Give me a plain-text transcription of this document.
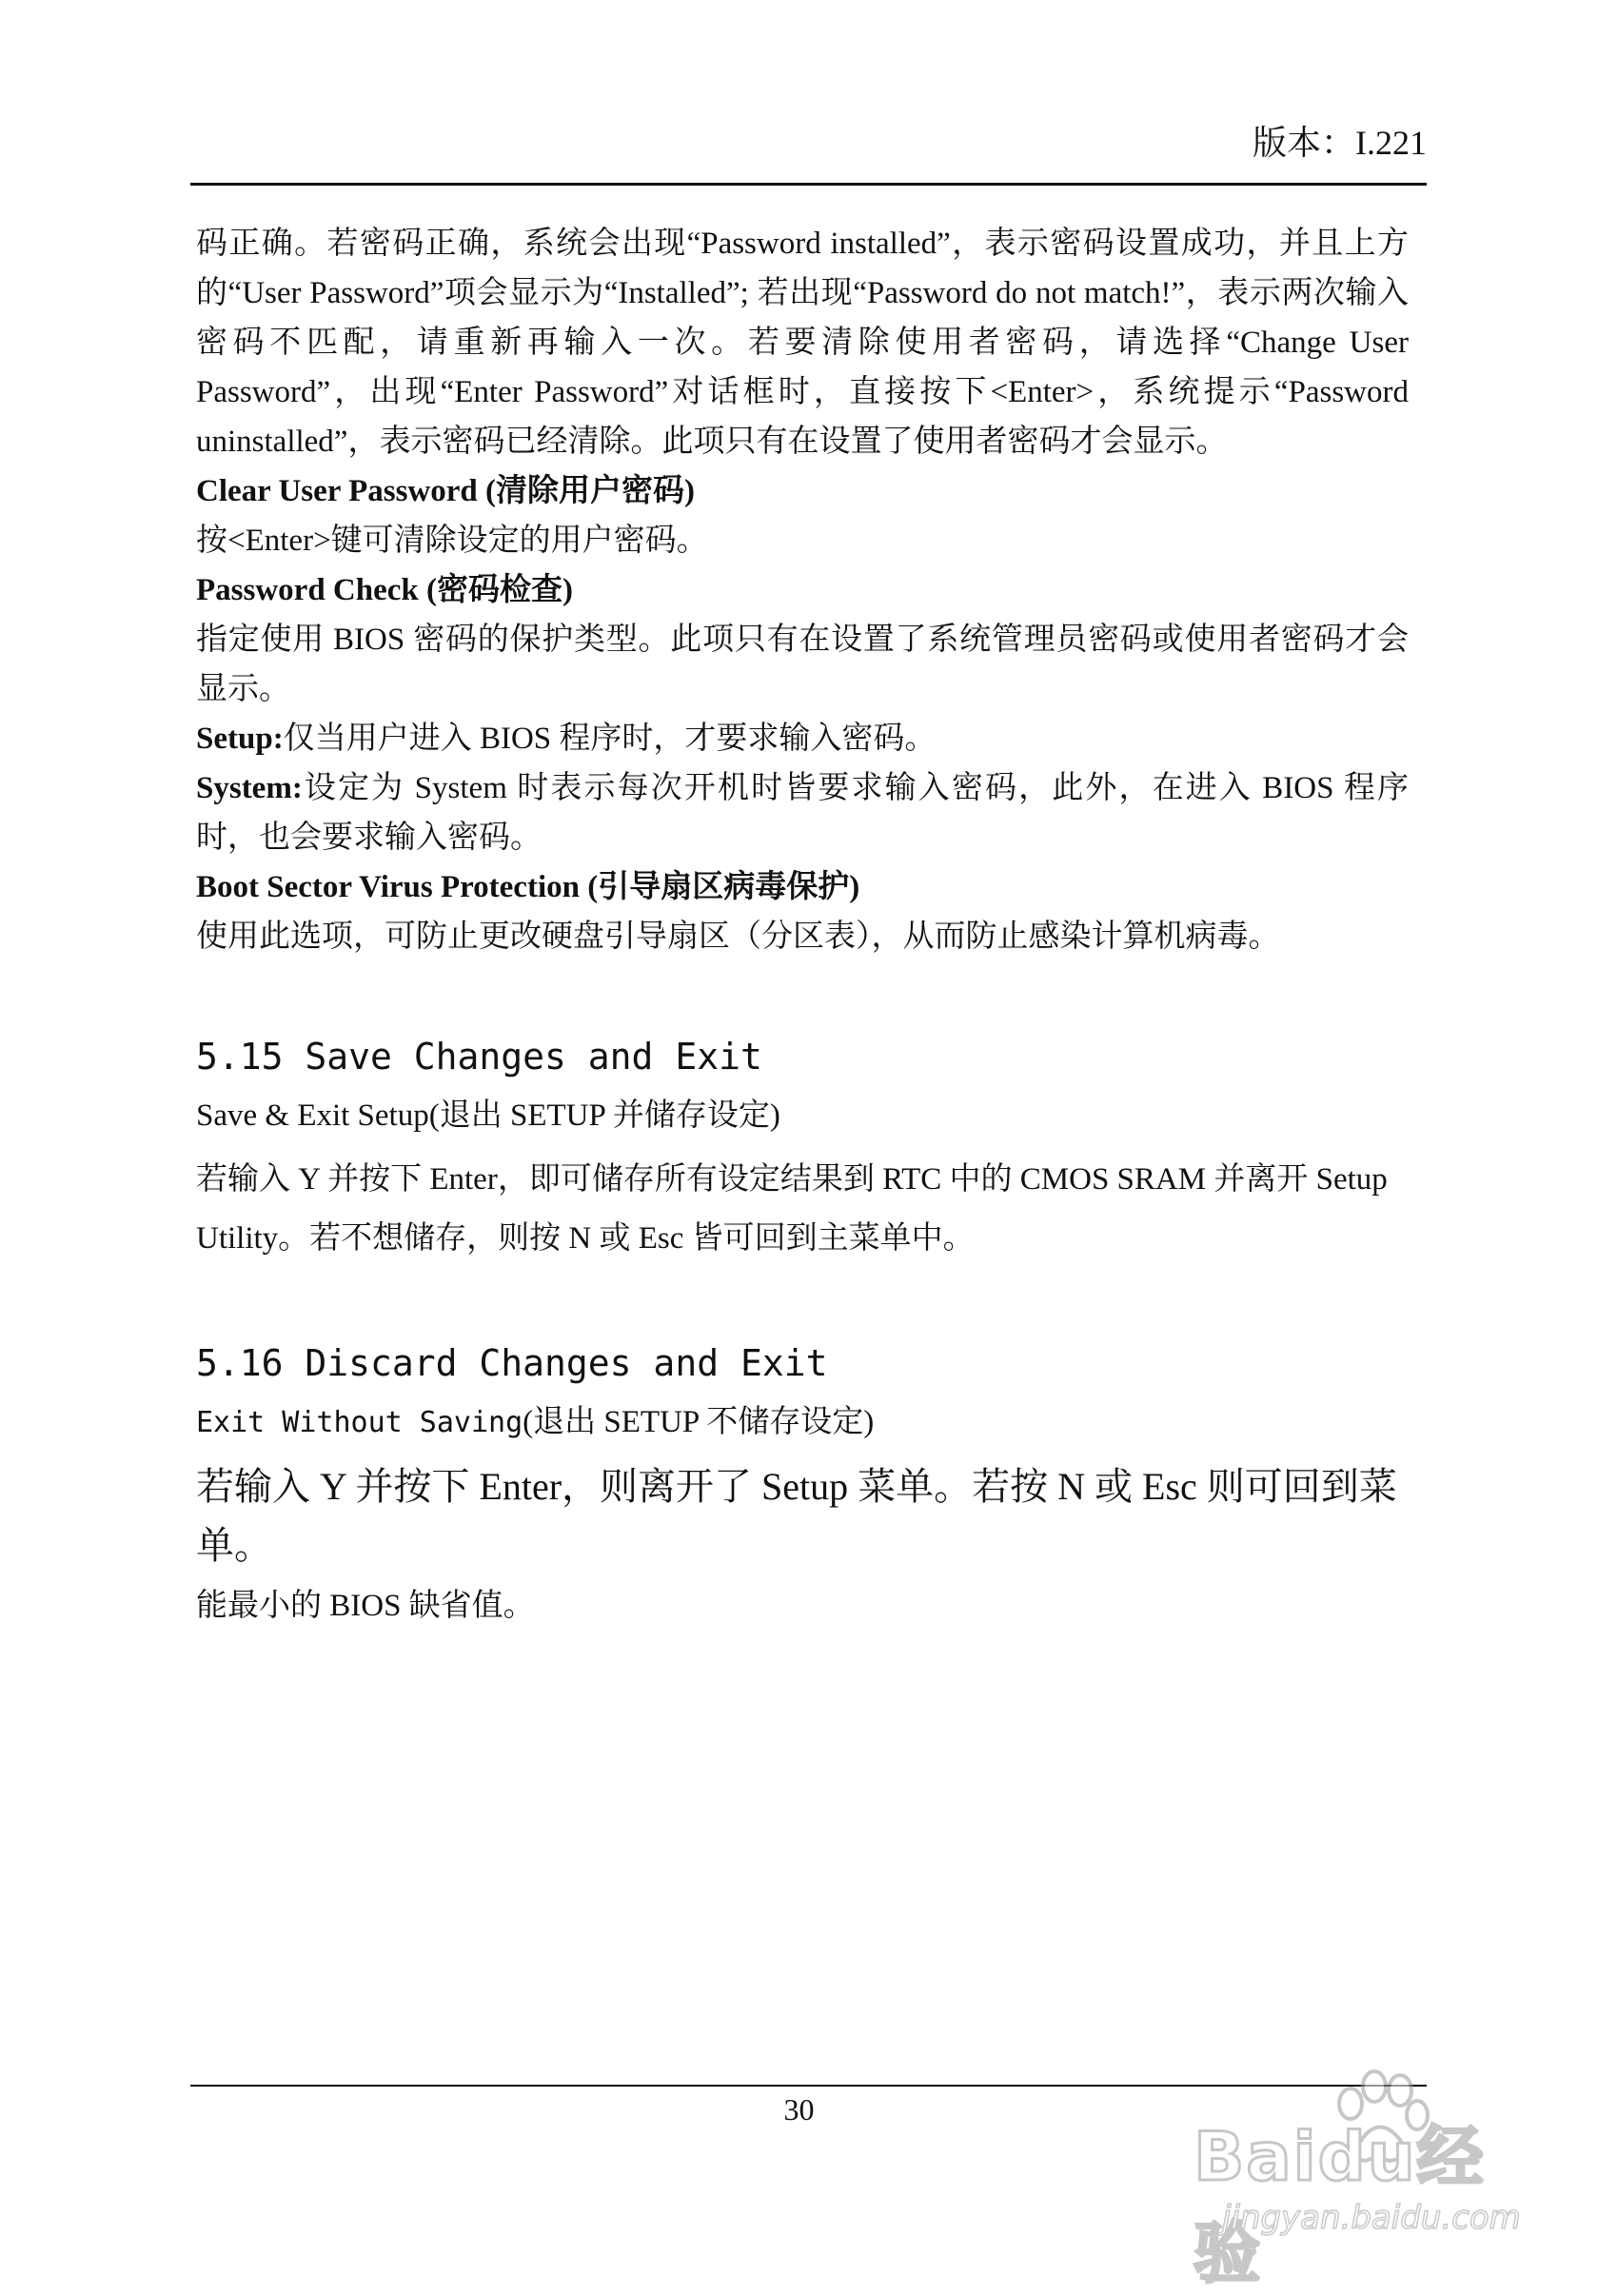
版本：I.221

码正确。若密码正确，系统会出现“Password installed”，表示密码设置成功，并且上方的“User Password”项会显示为“Installed”; 若出现“Password do not match!”，表示两次输入密码不匹配，请重新再输入一次。若要清除使用者密码，请选择“Change User Password”，出现“Enter Password”对话框时，直接按下<Enter>，系统提示“Password uninstalled”，表示密码已经清除。此项只有在设置了使用者密码才会显示。

Clear User Password (清除用户密码)

按<Enter>键可清除设定的用户密码。

Password Check (密码检查)

指定使用 BIOS 密码的保护类型。此项只有在设置了系统管理员密码或使用者密码才会显示。

Setup:仅当用户进入 BIOS 程序时，才要求输入密码。

System:设定为 System 时表示每次开机时皆要求输入密码，此外，在进入 BIOS 程序时，也会要求输入密码。

Boot Sector Virus Protection (引导扇区病毒保护)

使用此选项，可防止更改硬盘引导扇区（分区表），从而防止感染计算机病毒。

5.15 Save Changes and Exit

Save & Exit Setup(退出 SETUP 并储存设定)

若输入 Y 并按下 Enter，即可储存所有设定结果到 RTC 中的 CMOS SRAM 并离开 Setup Utility。若不想储存，则按 N 或 Esc 皆可回到主菜单中。

5.16 Discard Changes and Exit

Exit Without Saving(退出 SETUP 不储存设定)

若输入 Y 并按下 Enter，则离开了 Setup 菜单。若按 N 或 Esc 则可回到菜单。

能最小的 BIOS 缺省值。

30
Baidu经验
jingyan.baidu.com
